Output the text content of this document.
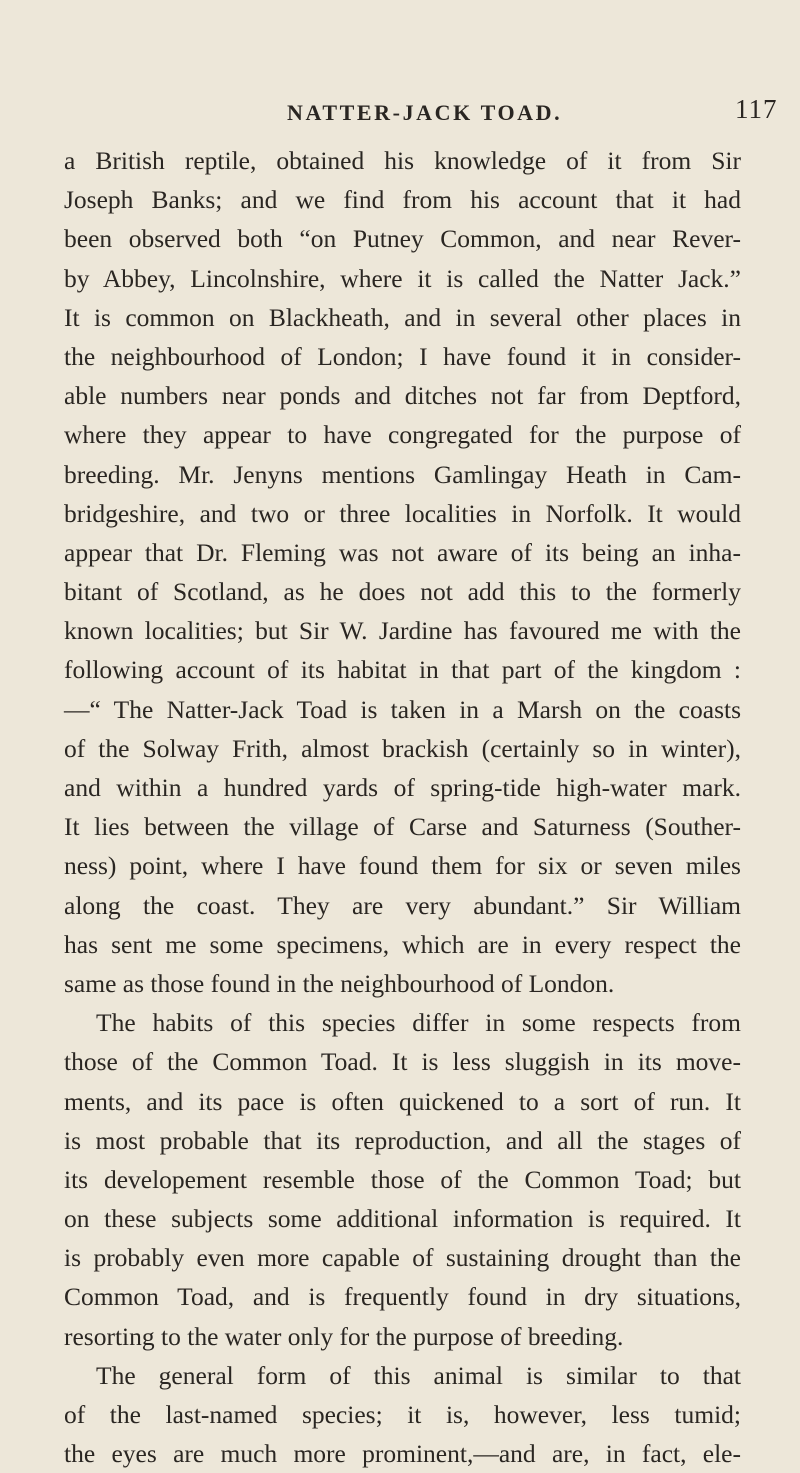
NATTER-JACK TOAD.	117
a British reptile, obtained his knowledge of it from Sir
Joseph Banks; and we find from his account that it had
been observed both “on Putney Common, and near Rever-
by Abbey, Lincolnshire, where it is called the Natter Jack.”
It is common on Blackheath, and in several other places in
the neighbourhood of London; I have found it in consider-
able numbers near ponds and ditches not far from Deptford,
where they appear to have congregated for the purpose of
breeding. Mr. Jenyns mentions Gamlingay Heath in Cam-
bridgeshire, and two or three localities in Norfolk. It would
appear that Dr. Fleming was not aware of its being an inha-
bitant of Scotland, as he does not add this to the formerly
known localities; but Sir W. Jardine has favoured me with the
following account of its habitat in that part of the kingdom :
—“ The Natter-Jack Toad is taken in a Marsh on the coasts
of the Solway Frith, almost brackish (certainly so in winter),
and within a hundred yards of spring-tide high-water mark.
It lies between the village of Carse and Saturness (Souther-
ness) point, where I have found them for six or seven miles
along the coast. They are very abundant.” Sir William
has sent me some specimens, which are in every respect the
same as those found in the neighbourhood of London.
The habits of this species differ in some respects from
those of the Common Toad. It is less sluggish in its move-
ments, and its pace is often quickened to a sort of run. It
is most probable that its reproduction, and all the stages of
its developement resemble those of the Common Toad; but
on these subjects some additional information is required. It
is probably even more capable of sustaining drought than the
Common Toad, and is frequently found in dry situations,
resorting to the water only for the purpose of breeding.
The general form of this animal is similar to that
of the last-named species; it is, however, less tumid;
the eyes are much more prominent,—and are, in fact, ele-
